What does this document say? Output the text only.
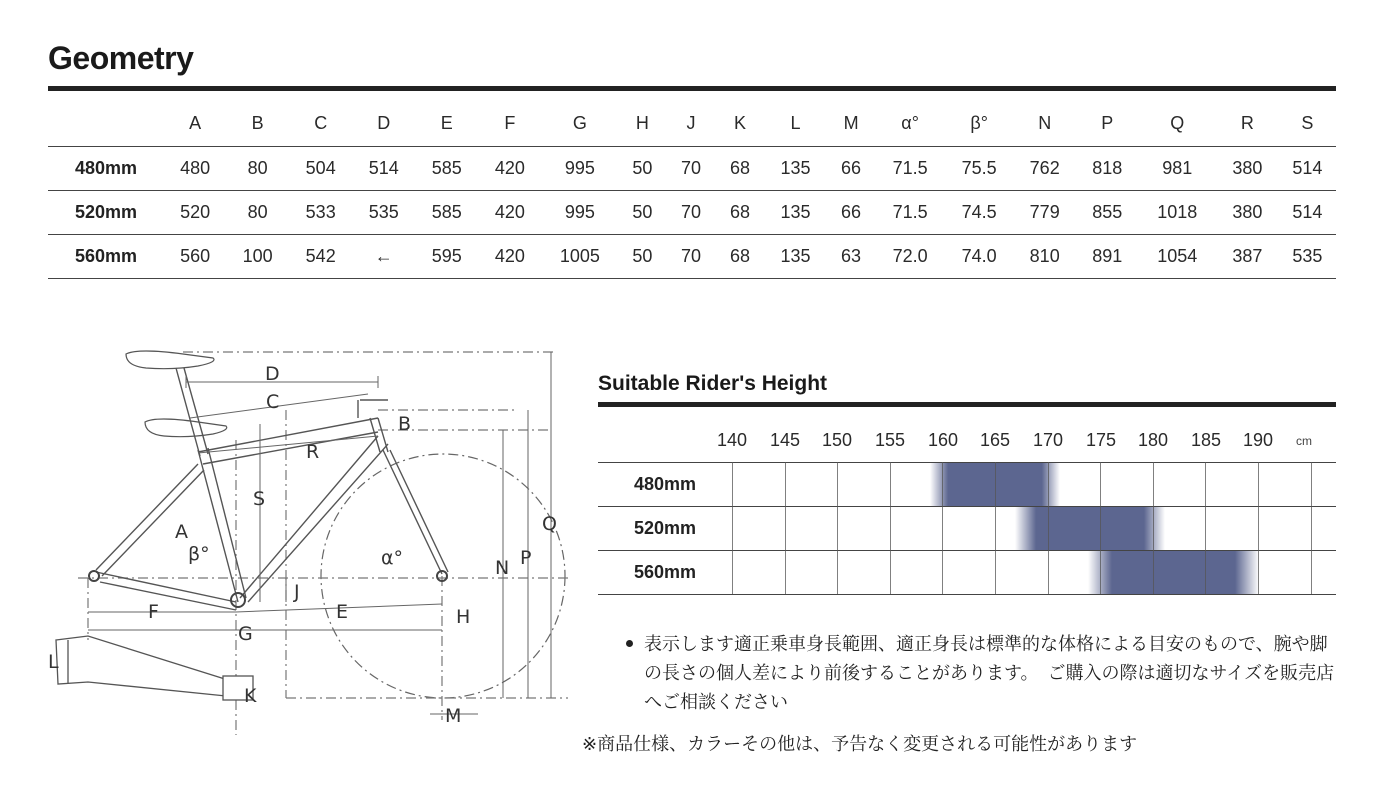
Geometry
	A	B	C	D	E	F	G	H	J	K	L	M	α°	β°	N	P	Q	R	S
480mm	480	80	504	514	585	420	995	50	70	68	135	66	71.5	75.5	762	818	981	380	514
520mm	520	80	533	535	585	420	995	50	70	68	135	66	71.5	74.5	779	855	1018	380	514
560mm	560	100	542	←	595	420	1005	50	70	68	135	63	72.0	74.0	810	891	1054	387	535
D
C
B
R
S
A
β°	α°
J
F	E	H
G
N P
Q
L
K
M
Suitable Rider's Height
140 145 150 155 160 165 170 175 180 185 190 cm
480mm
520mm
560mm
表示します適正乗車身長範囲、適正身長は標準的な体格による目安のもので、腕や脚の長さの個人差により前後することがあります。　ご購入の際は適切なサイズを販売店へご相談ください
※商品仕様、カラーその他は、予告なく変更される可能性があります
